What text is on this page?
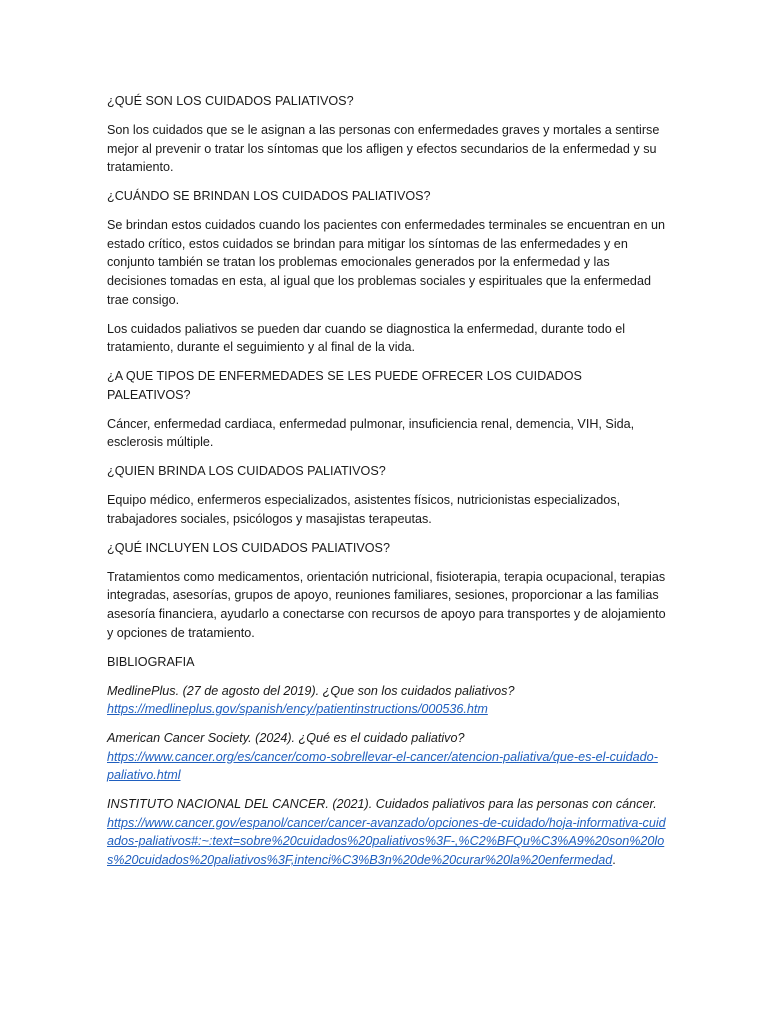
¿QUÉ SON LOS CUIDADOS PALIATIVOS?

Son los cuidados que se le asignan a las personas con enfermedades graves y mortales a sentirse mejor al prevenir o tratar los síntomas que los afligen y efectos secundarios de la enfermedad y su tratamiento.

¿CUÁNDO SE BRINDAN LOS CUIDADOS PALIATIVOS?

Se brindan estos cuidados cuando los pacientes con enfermedades terminales se encuentran en un estado crítico, estos cuidados se brindan para mitigar los síntomas de las enfermedades y en conjunto también se tratan los problemas emocionales generados por la enfermedad y las decisiones tomadas en esta, al igual que los problemas sociales y espirituales que la enfermedad trae consigo.

Los cuidados paliativos se pueden dar cuando se diagnostica la enfermedad, durante todo el tratamiento, durante el seguimiento y al final de la vida.

¿A QUE TIPOS DE ENFERMEDADES SE LES PUEDE OFRECER LOS CUIDADOS PALEATIVOS?

Cáncer, enfermedad cardiaca, enfermedad pulmonar, insuficiencia renal, demencia, VIH, Sida, esclerosis múltiple.

¿QUIEN BRINDA LOS CUIDADOS PALIATIVOS?

Equipo médico, enfermeros especializados, asistentes físicos, nutricionistas especializados, trabajadores sociales, psicólogos y masajistas terapeutas.

¿QUÉ INCLUYEN LOS CUIDADOS PALIATIVOS?

Tratamientos como medicamentos, orientación nutricional, fisioterapia, terapia ocupacional, terapias integradas, asesorías, grupos de apoyo, reuniones familiares, sesiones, proporcionar a las familias asesoría financiera, ayudarlo a conectarse con recursos de apoyo para transportes y de alojamiento y opciones de tratamiento.

BIBLIOGRAFIA

MedlinePlus. (27 de agosto del 2019). ¿Que son los cuidados paliativos?
https://medlineplus.gov/spanish/ency/patientinstructions/000536.htm

American Cancer Society. (2024). ¿Qué es el cuidado paliativo?
https://www.cancer.org/es/cancer/como-sobrellevar-el-cancer/atencion-paliativa/que-es-el-cuidado-paliativo.html

INSTITUTO NACIONAL DEL CANCER. (2021). Cuidados paliativos para las personas con cáncer.
https://www.cancer.gov/espanol/cancer/cancer-avanzado/opciones-de-cuidado/hoja-informativa-cuidados-paliativos#:~:text=sobre%20cuidados%20paliativos%3F-,%C2%BFQu%C3%A9%20son%20los%20cuidados%20paliativos%3F,intenci%C3%B3n%20de%20curar%20la%20enfermedad.
